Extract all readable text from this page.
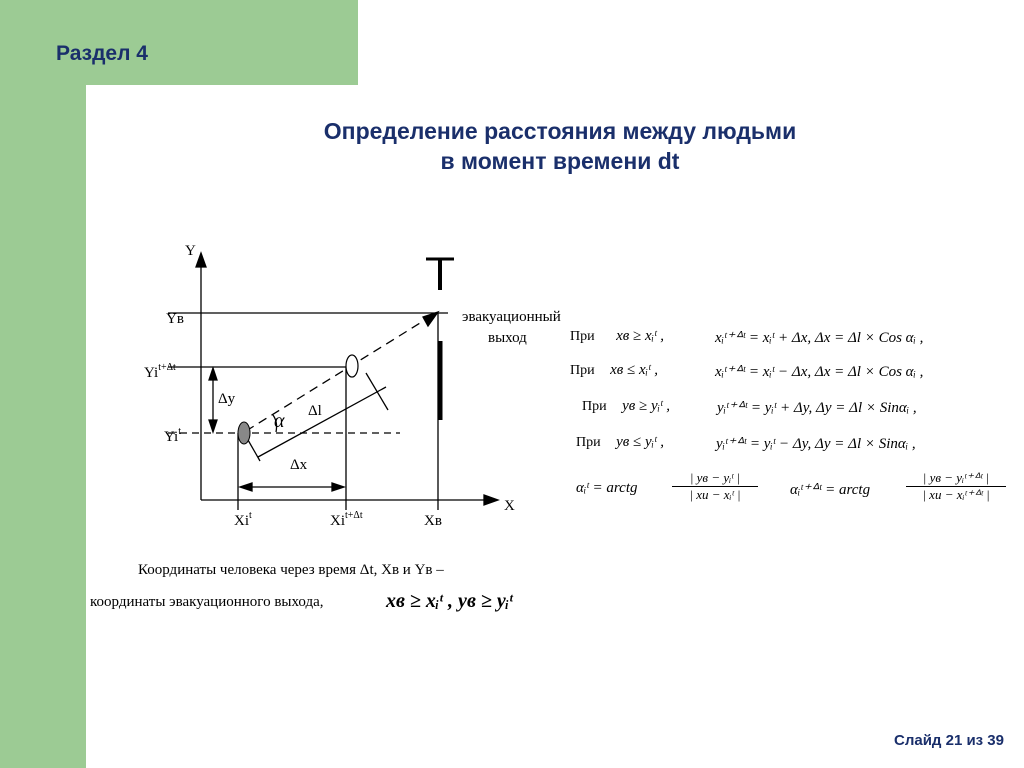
Раздел 4
Определение расстояния между людьми
в момент времени dt
Y
X
Yв
$Yi^{t+\Delta t}$
Yi$^t$
Xi$^t$	$Xi^{t+\Delta t}$	Xв
Δy
Δx
Δl
α
эвакуационный
выход
Координаты человека через время Δt, Xв и Yв –
координаты эвакуационного выхода,	xв ≥ xᵢᵗ , yв ≥ yᵢᵗ
При xв ≥ xᵢᵗ ,	xᵢᵗ⁺ᐞᵗ = xᵢᵗ + Δx, Δx = Δl × Cos αᵢ ,
При xв ≤ xᵢᵗ ,	xᵢᵗ⁺ᐞᵗ = xᵢᵗ − Δx, Δx = Δl × Cos αᵢ ,
При yв ≥ yᵢᵗ ,	yᵢᵗ⁺ᐞᵗ = yᵢᵗ + Δy, Δy = Δl × Sinαᵢ ,
При yв ≤ yᵢᵗ ,	yᵢᵗ⁺ᐞᵗ = yᵢᵗ − Δy, Δy = Δl × Sinαᵢ ,
αᵢᵗ = arctg
| yв − yᵢᵗ |
| xи − xᵢᵗ |	αᵢᵗ⁺ᐞᵗ = arctg
| yв − yᵢᵗ⁺ᐞᵗ |
| xи − xᵢᵗ⁺ᐞᵗ |
Слайд 21 из 39
